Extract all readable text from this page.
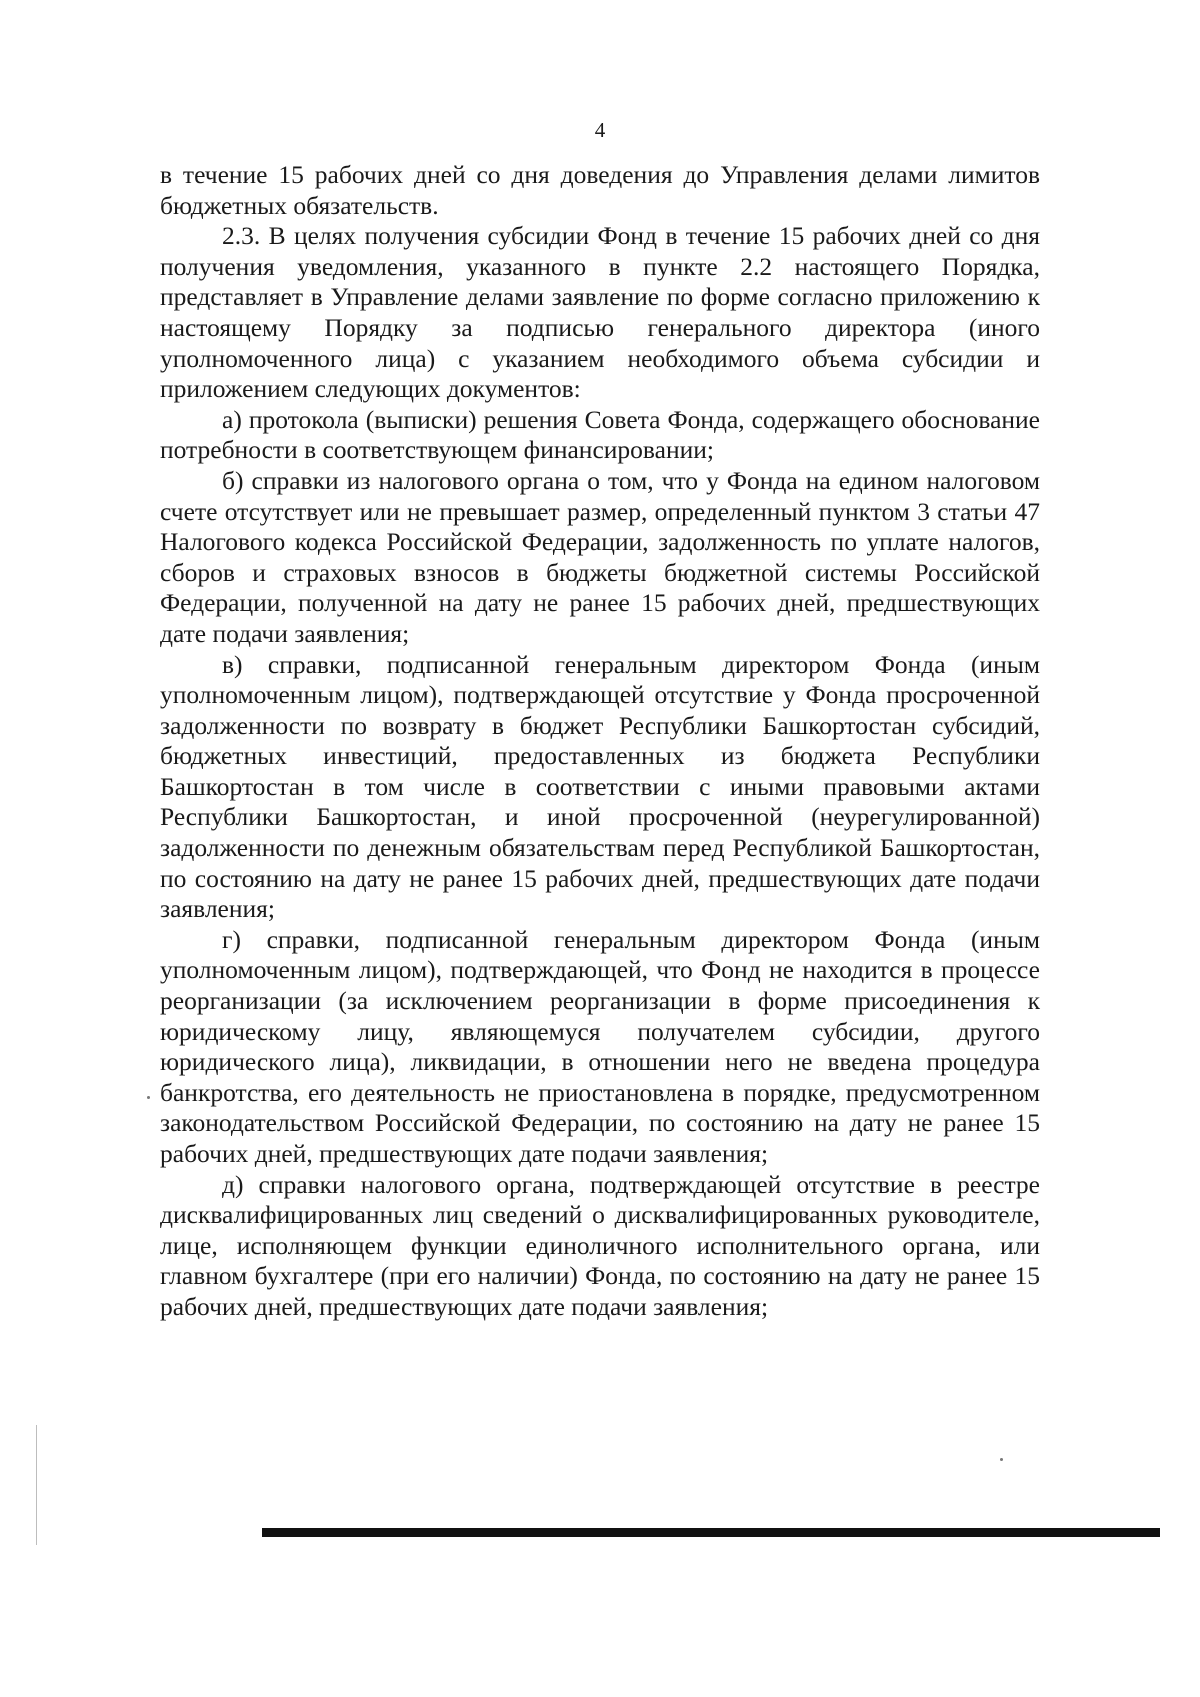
4

в течение 15 рабочих дней со дня доведения до Управления делами лимитов бюджетных обязательств.

2.3. В целях получения субсидии Фонд в течение 15 рабочих дней со дня получения уведомления, указанного в пункте 2.2 настоящего Порядка, представляет в Управление делами заявление по форме согласно приложению к настоящему Порядку за подписью генерального директора (иного уполномоченного лица) с указанием необходимого объема субсидии и приложением следующих документов:

а) протокола (выписки) решения Совета Фонда, содержащего обоснование потребности в соответствующем финансировании;

б) справки из налогового органа о том, что у Фонда на едином налоговом счете отсутствует или не превышает размер, определенный пунктом 3 статьи 47 Налогового кодекса Российской Федерации, задолженность по уплате налогов, сборов и страховых взносов в бюджеты бюджетной системы Российской Федерации, полученной на дату не ранее 15 рабочих дней, предшествующих дате подачи заявления;

в) справки, подписанной генеральным директором Фонда (иным уполномоченным лицом), подтверждающей отсутствие у Фонда просроченной задолженности по возврату в бюджет Республики Башкортостан субсидий, бюджетных инвестиций, предоставленных из бюджета Республики Башкортостан в том числе в соответствии с иными правовыми актами Республики Башкортостан, и иной просроченной (неурегулированной) задолженности по денежным обязательствам перед Республикой Башкортостан, по состоянию на дату не ранее 15 рабочих дней, предшествующих дате подачи заявления;

г) справки, подписанной генеральным директором Фонда (иным уполномоченным лицом), подтверждающей, что Фонд не находится в процессе реорганизации (за исключением реорганизации в форме присоединения к юридическому лицу, являющемуся получателем субсидии, другого юридического лица), ликвидации, в отношении него не введена процедура банкротства, его деятельность не приостановлена в порядке, предусмотренном законодательством Российской Федерации, по состоянию на дату не ранее 15 рабочих дней, предшествующих дате подачи заявления;

д) справки налогового органа, подтверждающей отсутствие в реестре дисквалифицированных лиц сведений о дисквалифицированных руководителе, лице, исполняющем функции единоличного исполнительного органа, или главном бухгалтере (при его наличии) Фонда, по состоянию на дату не ранее 15 рабочих дней, предшествующих дате подачи заявления;
